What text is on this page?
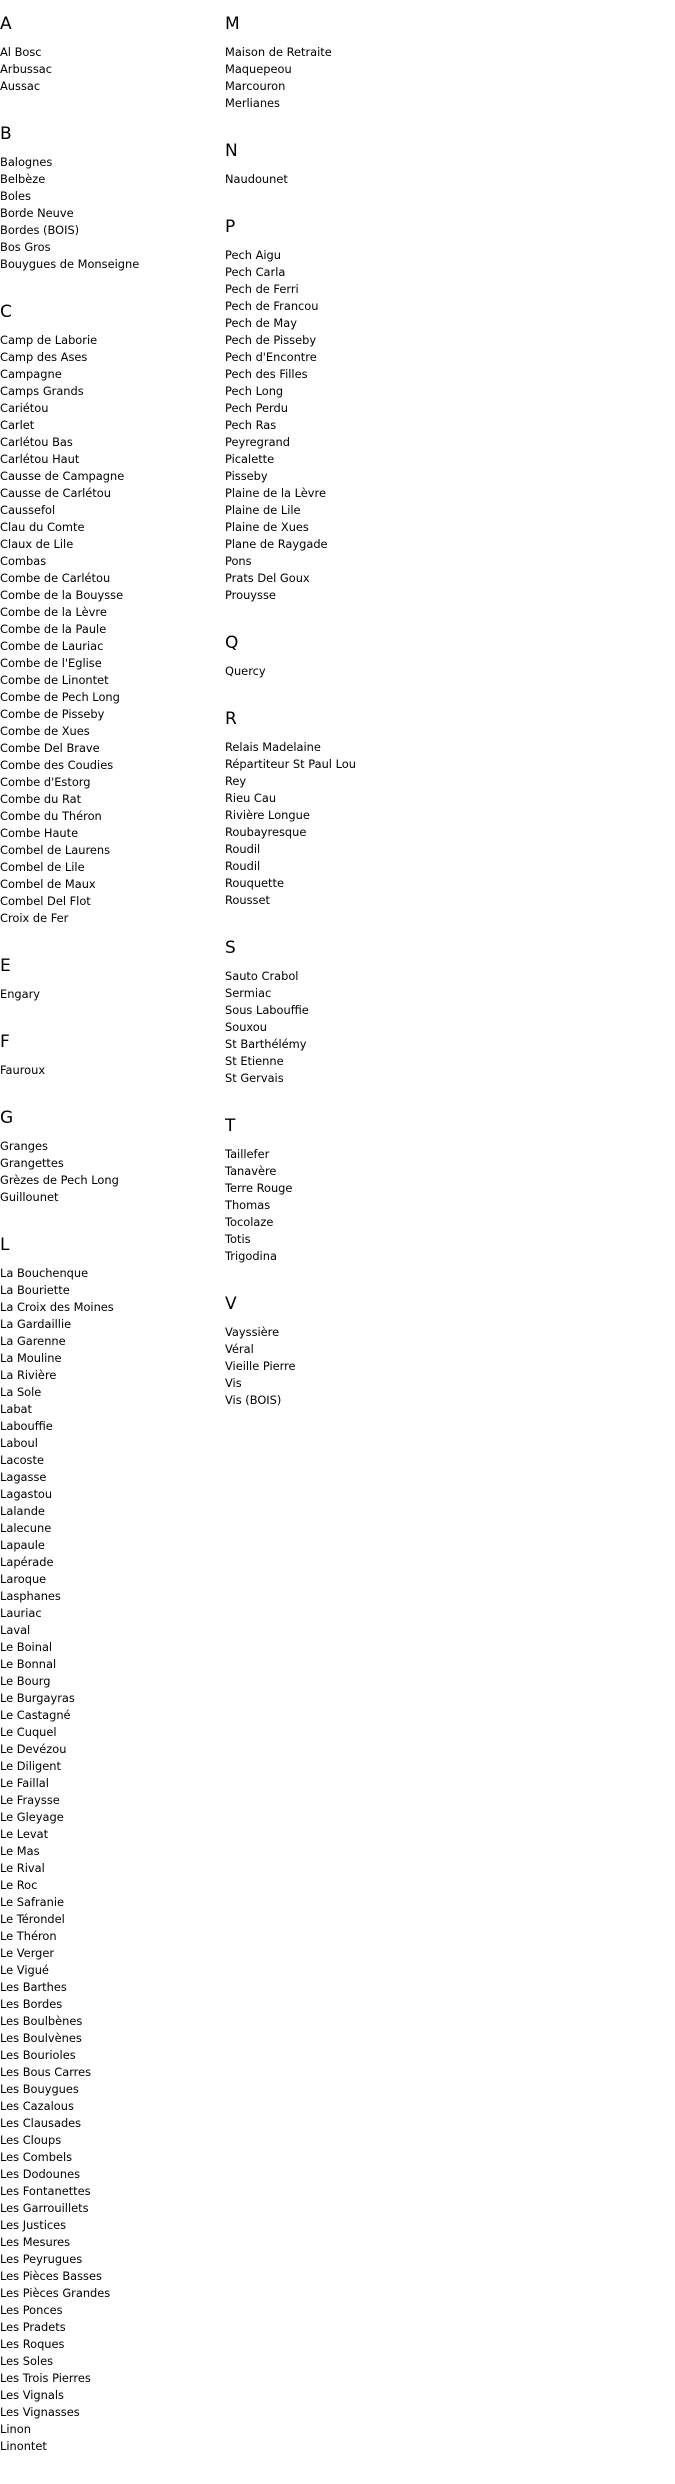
A
Al Bosc
Arbussac
Aussac
B
Balognes
Belbèze
Boles
Borde Neuve
Bordes (BOIS)
Bos Gros
Bouygues de Monseigne
C
Camp de Laborie
Camp des Ases
Campagne
Camps Grands
Cariétou
Carlet
Carlétou Bas
Carlétou Haut
Causse de Campagne
Causse de Carlétou
Caussefol
Clau du Comte
Claux de Lile
Combas
Combe de Carlétou
Combe de la Bouysse
Combe de la Lèvre
Combe de la Paule
Combe de Lauriac
Combe de l'Eglise
Combe de Linontet
Combe de Pech Long
Combe de Pisseby
Combe de Xues
Combe Del Brave
Combe des Coudies
Combe d'Estorg
Combe du Rat
Combe du Théron
Combe Haute
Combel de Laurens
Combel de Lile
Combel de Maux
Combel Del Flot
Croix de Fer
E
Engary
F
Fauroux
G
Granges
Grangettes
Grèzes de Pech Long
Guillounet
L
La Bouchenque
La Bouriette
La Croix des Moines
La Gardaillie
La Garenne
La Mouline
La Rivière
La Sole
Labat
Labouffie
Laboul
Lacoste
Lagasse
Lagastou
Lalande
Lalecune
Lapaule
Lapérade
Laroque
Lasphanes
Lauriac
Laval
Le Boinal
Le Bonnal
Le Bourg
Le Burgayras
Le Castagné
Le Cuquel
Le Devézou
Le Diligent
Le Faillal
Le Fraysse
Le Gleyage
Le Levat
Le Mas
Le Rival
Le Roc
Le Safranie
Le Térondel
Le Théron
Le Verger
Le Vigué
Les Barthes
Les Bordes
Les Boulbènes
Les Boulvènes
Les Bourioles
Les Bous Carres
Les Bouygues
Les Cazalous
Les Clausades
Les Cloups
Les Combels
Les Dodounes
Les Fontanettes
Les Garrouillets
Les Justices
Les Mesures
Les Peyrugues
Les Pièces Basses
Les Pièces Grandes
Les Ponces
Les Pradets
Les Roques
Les Soles
Les Trois Pierres
Les Vignals
Les Vignasses
Linon
Linontet
M
Maison de Retraite
Maquepeou
Marcouron
Merlianes
N
Naudounet
P
Pech Aigu
Pech Carla
Pech de Ferri
Pech de Francou
Pech de May
Pech de Pisseby
Pech d'Encontre
Pech des Filles
Pech Long
Pech Perdu
Pech Ras
Peyregrand
Picalette
Pisseby
Plaine de la Lèvre
Plaine de Lile
Plaine de Xues
Plane de Raygade
Pons
Prats Del Goux
Prouysse
Q
Quercy
R
Relais Madelaine
Répartiteur St Paul Lou
Rey
Rieu Cau
Rivière Longue
Roubayresque
Roudil
Roudil
Rouquette
Rousset
S
Sauto Crabol
Sermiac
Sous Labouffie
Souxou
St Barthélémy
St Etienne
St Gervais
T
Taillefer
Tanavère
Terre Rouge
Thomas
Tocolaze
Totis
Trigodina
V
Vayssière
Véral
Vieille Pierre
Vis
Vis (BOIS)
